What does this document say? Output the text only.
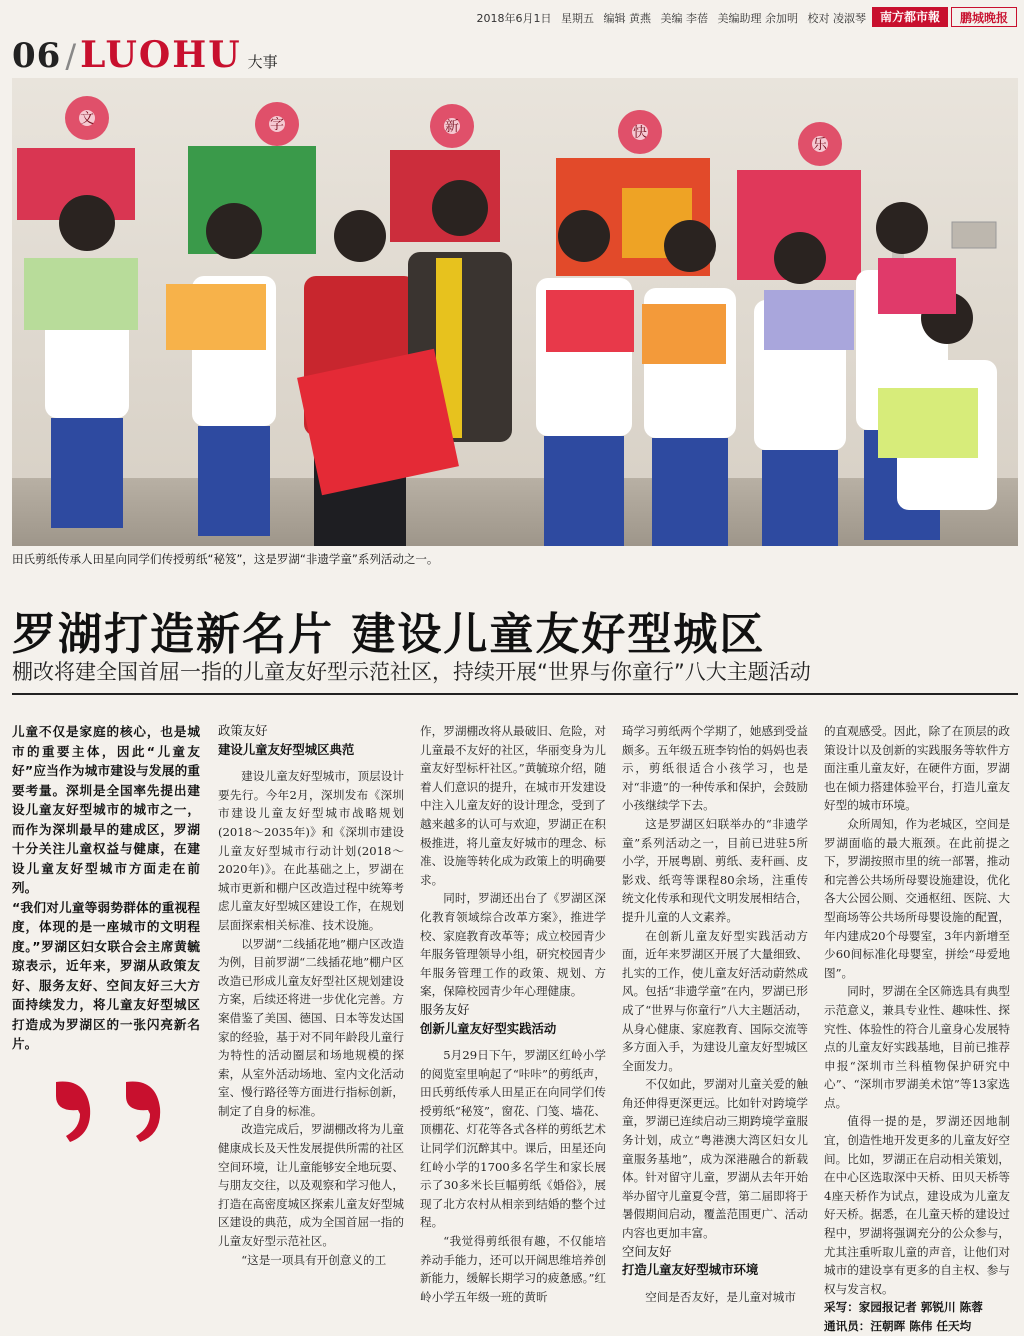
2018年6月1日 星期五 编辑 黄燕 美编 李蓓 美编助理 余加明 校对 凌淑琴	南方都市報	鹏城晚报
06 / LUOHU 大事
文	字	新	快
乐
田氏剪纸传承人田星向同学们传授剪纸“秘笈”，这是罗湖“非遗学童”系列活动之一。
罗湖打造新名片 建设儿童友好型城区
棚改将建全国首屈一指的儿童友好型示范社区，持续开展“世界与你童行”八大主题活动

儿童不仅是家庭的核心，也是城市的重要主体，因此“儿童友好”应当作为城市建设与发展的重要考量。深圳是全国率先提出建设儿童友好型城市的城市之一，而作为深圳最早的建成区，罗湖十分关注儿童权益与健康，在建设儿童友好型城市方面走在前列。

“我们对儿童等弱势群体的重视程度，体现的是一座城市的文明程度。”罗湖区妇女联合会主席黄毓琼表示，近年来，罗湖从政策友好、服务友好、空间友好三大方面持续发力，将儿童友好型城区打造成为罗湖区的一张闪亮新名片。

政策友好

建设儿童友好型城区典范

建设儿童友好型城市，顶层设计要先行。今年2月，深圳发布《深圳市建设儿童友好型城市战略规划(2018～2035年)》和《深圳市建设儿童友好型城市行动计划(2018～2020年)》。在此基础之上，罗湖在城市更新和棚户区改造过程中统筹考虑儿童友好型城区建设工作，在规划层面探索相关标准、技术设施。

以罗湖“二线插花地”棚户区改造为例，目前罗湖“二线插花地”棚户区改造已形成儿童友好型社区规划建设方案，后续还将进一步优化完善。方案借鉴了美国、德国、日本等发达国家的经验，基于对不同年龄段儿童行为特性的活动圈层和场地规模的探索，从室外活动场地、室内文化活动室、慢行路径等方面进行指标创新，制定了自身的标准。

改造完成后，罗湖棚改将为儿童健康成长及天性发展提供所需的社区空间环境，让儿童能够安全地玩耍、与朋友交往，以及观察和学习他人，打造在高密度城区探索儿童友好型城区建设的典范，成为全国首屈一指的儿童友好型示范社区。

“这是一项具有开创意义的工

作，罗湖棚改将从最破旧、危险，对儿童最不友好的社区，华丽变身为儿童友好型标杆社区。”黄毓琼介绍，随着人们意识的提升，在城市开发建设中注入儿童友好的设计理念，受到了越来越多的认可与欢迎，罗湖正在积极推进，将儿童友好城市的理念、标准、设施等转化成为政策上的明确要求。

同时，罗湖还出台了《罗湖区深化教育领域综合改革方案》，推进学校、家庭教育改革等；成立校园青少年服务管理领导小组，研究校园青少年服务管理工作的政策、规划、方案，保障校园青少年心理健康。

服务友好

创新儿童友好型实践活动

5月29日下午，罗湖区红岭小学的阅览室里响起了“咔咔”的剪纸声，田氏剪纸传承人田星正在向同学们传授剪纸“秘笈”，窗花、门笺、墙花、顶棚花、灯花等各式各样的剪纸艺术让同学们沉醉其中。课后，田星还向红岭小学的1700多名学生和家长展示了30多米长巨幅剪纸《婚俗》，展现了北方农村从相亲到结婚的整个过程。

“我觉得剪纸很有趣，不仅能培养动手能力，还可以开阔思维培养创新能力，缓解长期学习的疲惫感。”红岭小学五年级一班的黄昕

琦学习剪纸两个学期了，她感到受益颇多。五年级五班李钧怡的妈妈也表示，剪纸很适合小孩学习，也是对“非遗”的一种传承和保护，会鼓励小孩继续学下去。

这是罗湖区妇联举办的“非遗学童”系列活动之一，目前已进驻5所小学，开展粤剧、剪纸、麦秆画、皮影戏、纸弯等课程80余场，注重传统文化传承和现代文明发展相结合，提升儿童的人文素养。

在创新儿童友好型实践活动方面，近年来罗湖区开展了大量细致、扎实的工作，使儿童友好活动蔚然成风。包括“非遗学童”在内，罗湖已形成了“世界与你童行”八大主题活动，从身心健康、家庭教育、国际交流等多方面入手，为建设儿童友好型城区全面发力。

不仅如此，罗湖对儿童关爱的触角还伸得更深更远。比如针对跨境学童，罗湖已连续启动三期跨境学童服务计划，成立“粤港澳大湾区妇女儿童服务基地”，成为深港融合的新载体。针对留守儿童，罗湖从去年开始举办留守儿童夏令营，第二届即将于暑假期间启动，覆盖范围更广、活动内容也更加丰富。

空间友好

打造儿童友好型城市环境

空间是否友好，是儿童对城市

的直观感受。因此，除了在顶层的政策设计以及创新的实践服务等软件方面注重儿童友好，在硬件方面，罗湖也在倾力搭建体验平台，打造儿童友好型的城市环境。

众所周知，作为老城区，空间是罗湖面临的最大瓶颈。在此前提之下，罗湖按照市里的统一部署，推动和完善公共场所母婴设施建设，优化各大公园公厕、交通枢纽、医院、大型商场等公共场所母婴设施的配置，年内建成20个母婴室，3年内新增至少60间标准化母婴室，拼绘“母爱地图”。

同时，罗湖在全区筛选具有典型示范意义，兼具专业性、趣味性、探究性、体验性的符合儿童身心发展特点的儿童友好实践基地，目前已推荐申报“深圳市兰科植物保护研究中心”、“深圳市罗湖美术馆”等13家选点。

值得一提的是，罗湖还因地制宜，创造性地开发更多的儿童友好空间。比如，罗湖正在启动相关策划，在中心区选取深中天桥、田贝天桥等4座天桥作为试点，建设成为儿童友好天桥。据悉，在儿童天桥的建设过程中，罗湖将强调充分的公众参与，尤其注重听取儿童的声音，让他们对城市的建设享有更多的自主权、参与权与发言权。

采写：家园报记者 郭锐川 陈蓉

通讯员：汪朝晖 陈伟 任天均
